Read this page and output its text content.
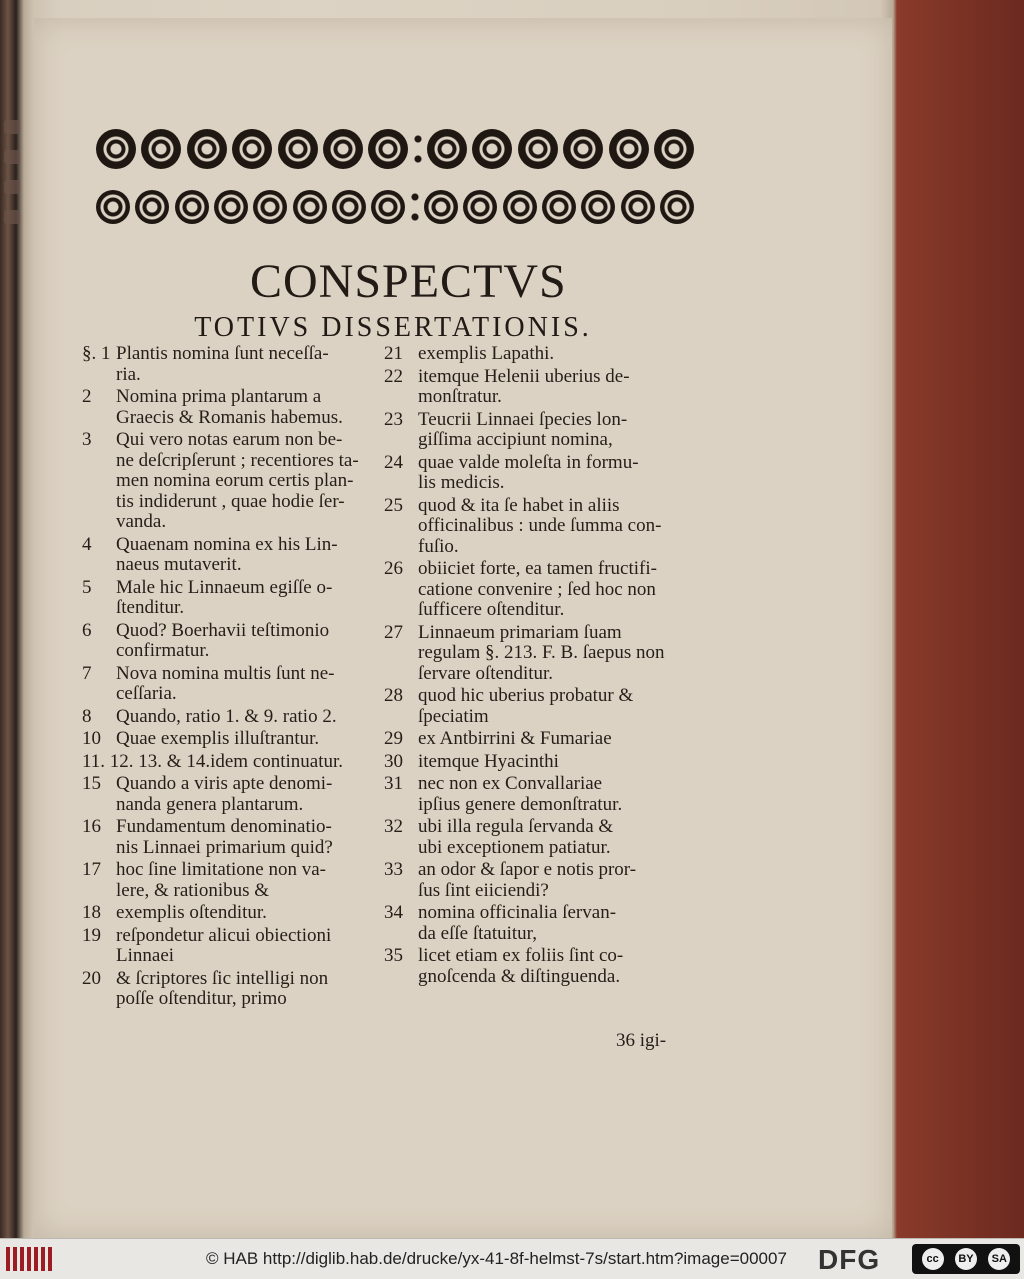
CONSPECTVS
TOTIVS DISSERTATIONIS.
§. 1 Plantis nomina ſunt neceſſa-
ria.
2	Nomina prima plantarum a
Graecis & Romanis habemus.
3	Qui vero notas earum non be-
ne deſcripſerunt ; recentiores ta-
men nomina eorum certis plan-
tis indiderunt , quae hodie ſer-
vanda.
4	Quaenam nomina ex his Lin-
naeus mutaverit.
5	Male hic Linnaeum egiſſe o-
ſtenditur.
6	Quod? Boerhavii teſtimonio
confirmatur.
7	Nova nomina multis ſunt ne-
ceſſaria.
8	Quando, ratio 1. & 9. ratio 2.
10 Quae exemplis illuſtrantur.
11. 12. 13. & 14. idem continuatur.
15 Quando a viris apte denomi-
nanda genera plantarum.
16 Fundamentum denominatio-
nis Linnaei primarium quid?
17 hoc ſine limitatione non va-
lere, & rationibus &
18 exemplis oſtenditur.
19 reſpondetur alicui obiectioni
Linnaei
20 & ſcriptores ſic intelligi non
poſſe oſtenditur, primo
21 exemplis Lapathi.
22 itemque Helenii uberius de-
monſtratur.
23 Teucrii Linnaei ſpecies lon-
giſſima accipiunt nomina,
24 quae valde moleſta in formu-
lis medicis.
25 quod & ita ſe habet in aliis
officinalibus : unde ſumma con-
fuſio.
26 obiiciet forte, ea tamen fructifi-
catione convenire ; ſed hoc non
ſufficere oſtenditur.
27 Linnaeum primariam ſuam
regulam §. 213. F. B. ſaepus non
ſervare oſtenditur.
28 quod hic uberius probatur &
ſpeciatim
29 ex Antbirrini & Fumariae
30 itemque Hyacinthi
31 nec non ex Convallariae
ipſius genere demonſtratur.
32 ubi illa regula ſervanda &
ubi exceptionem patiatur.
33 an odor & ſapor e notis pror-
ſus ſint eiiciendi?
34 nomina officinalia ſervan-
da eſſe ſtatuitur,
35 licet etiam ex foliis ſint co-
gnoſcenda & diſtinguenda.
36 igi-
© HAB http://diglib.hab.de/drucke/yx-41-8f-helmst-7s/start.htm?image=00007 DFG	cc	BY	SA
